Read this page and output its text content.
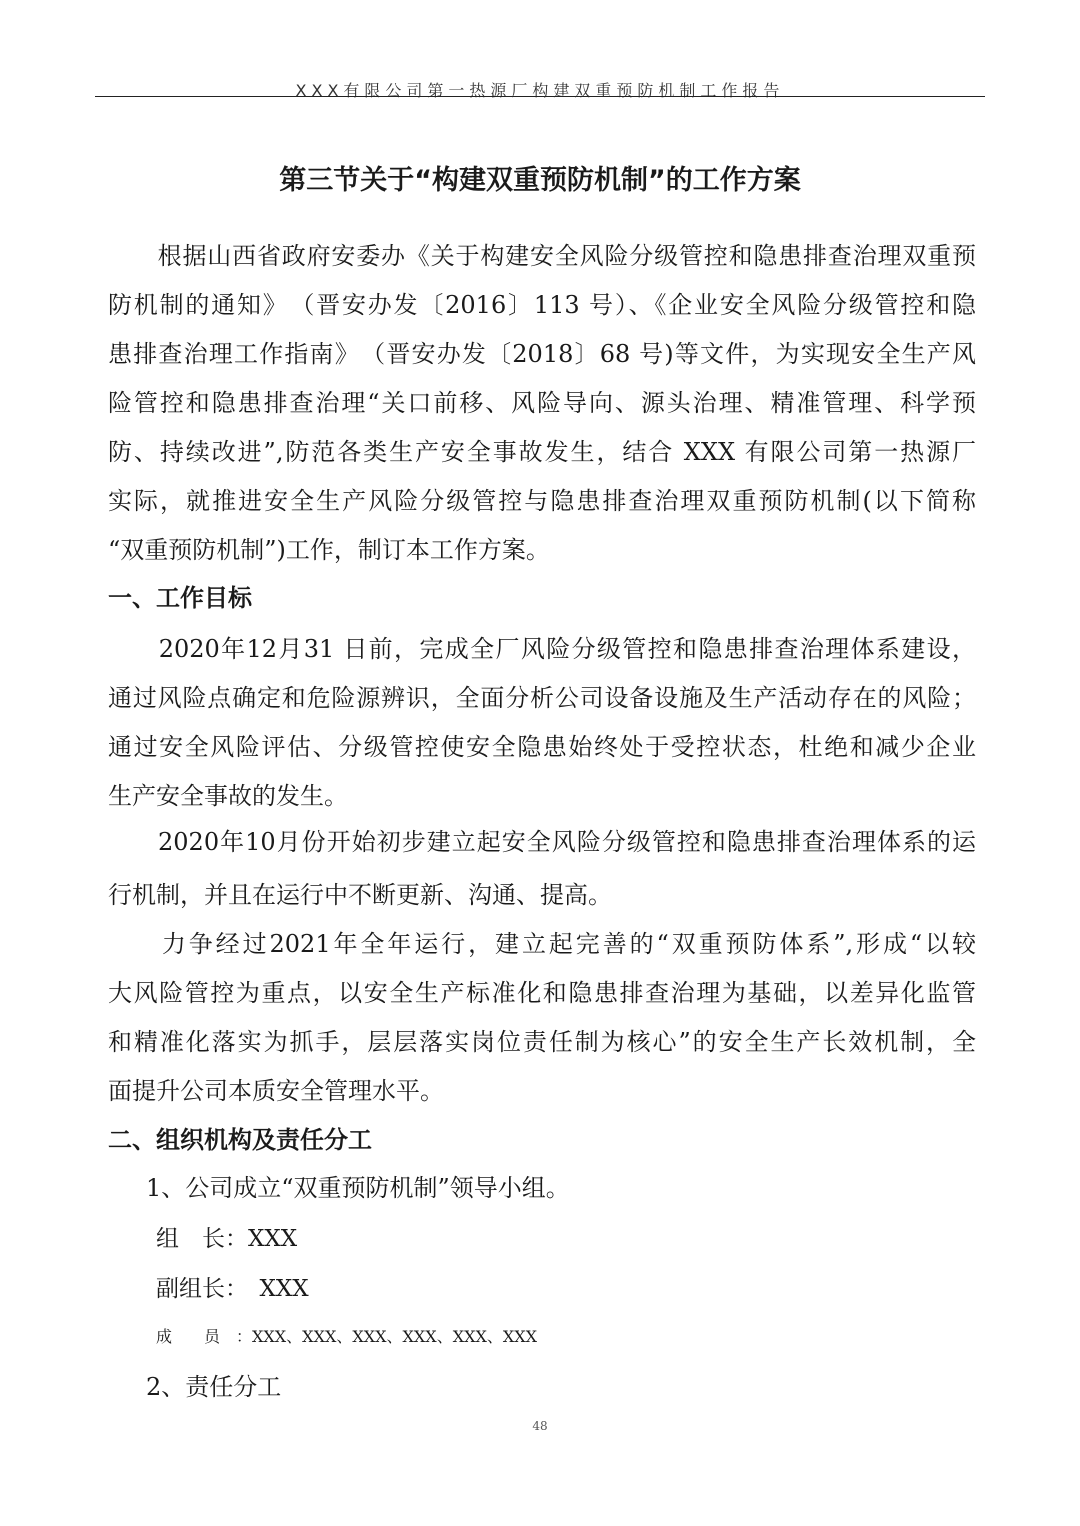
XXX有限公司第一热源厂构建双重预防机制工作报告
第三节关于“构建双重预防机制”的工作方案
　　根据山西省政府安委办《关于构建安全风险分级管控和隐患排查治理双重预
防机制的通知》　（晋安办发〔2016〕113 号）、《企业安全风险分级管控和隐
患排查治理工作指南》　（晋安办发〔2018〕68 号)等文件，为实现安全生产风
险管控和隐患排查治理“关口前移、风险导向、源头治理、精准管理、科学预
防、持续改进”,防范各类生产安全事故发生，结合 XXX 有限公司第一热源厂
实际，就推进安全生产风险分级管控与隐患排查治理双重预防机制(以下简称
“双重预防机制”)工作，制订本工作方案。
一、工作目标
　　2020年12月31 日前，完成全厂风险分级管控和隐患排查治理体系建设，
通过风险点确定和危险源辨识，全面分析公司设备设施及生产活动存在的风险；
通过安全风险评估、分级管控使安全隐患始终处于受控状态，杜绝和减少企业
生产安全事故的发生。
　　2020年10月份开始初步建立起安全风险分级管控和隐患排查治理体系的运
行机制，并且在运行中不断更新、沟通、提高。
　　力争经过2021年全年运行，建立起完善的“双重预防体系”,形成“以较
大风险管控为重点，以安全生产标准化和隐患排查治理为基础，以差异化监管
和精准化落实为抓手，层层落实岗位责任制为核心”的安全生产长效机制，全
面提升公司本质安全管理水平。
二、组织机构及责任分工
1、公司成立“双重预防机制”领导小组。
组　长：XXX
副组长：　XXX
成　　员　：XXX、XXX、XXX、XXX、XXX、XXX
2、责任分工
48
